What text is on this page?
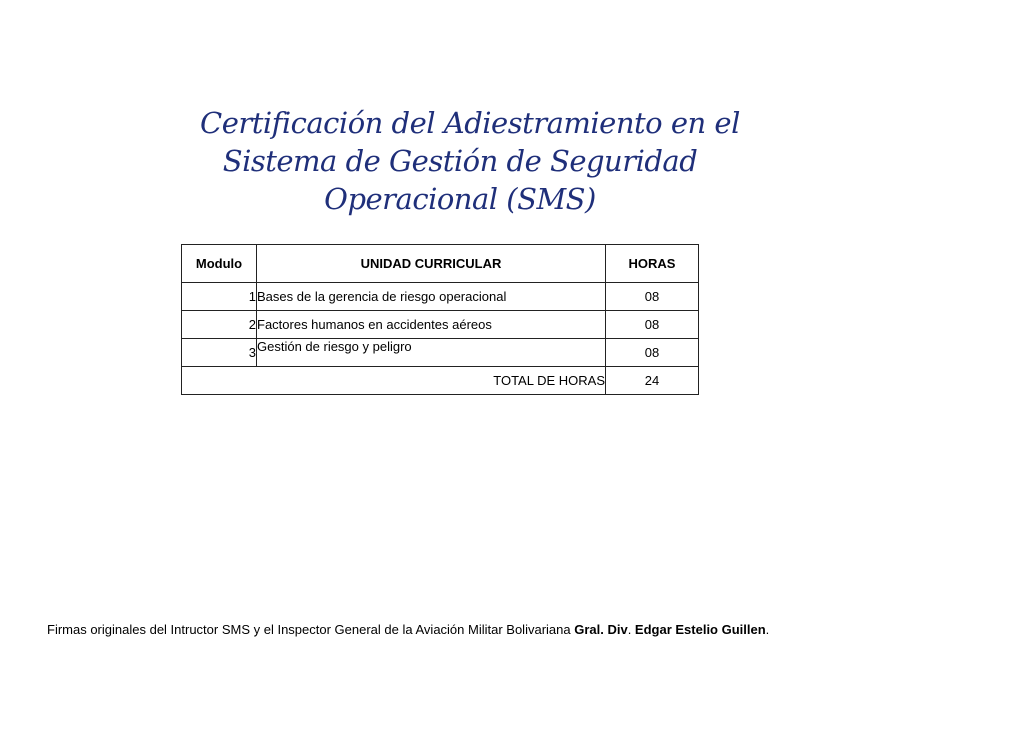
Certificación del Adiestramiento en el
Sistema de Gestión de Seguridad
Operacional (SMS)
Modulo	UNIDAD CURRICULAR	HORAS
1	Bases de la gerencia de riesgo operacional	08
2	Factores humanos en accidentes aéreos	08
3	Gestión de riesgo y peligro	08
TOTAL DE HORAS		24
Firmas originales del Intructor SMS y el Inspector General de la Aviación Militar Bolivariana Gral. Div. Edgar Estelio Guillen.
